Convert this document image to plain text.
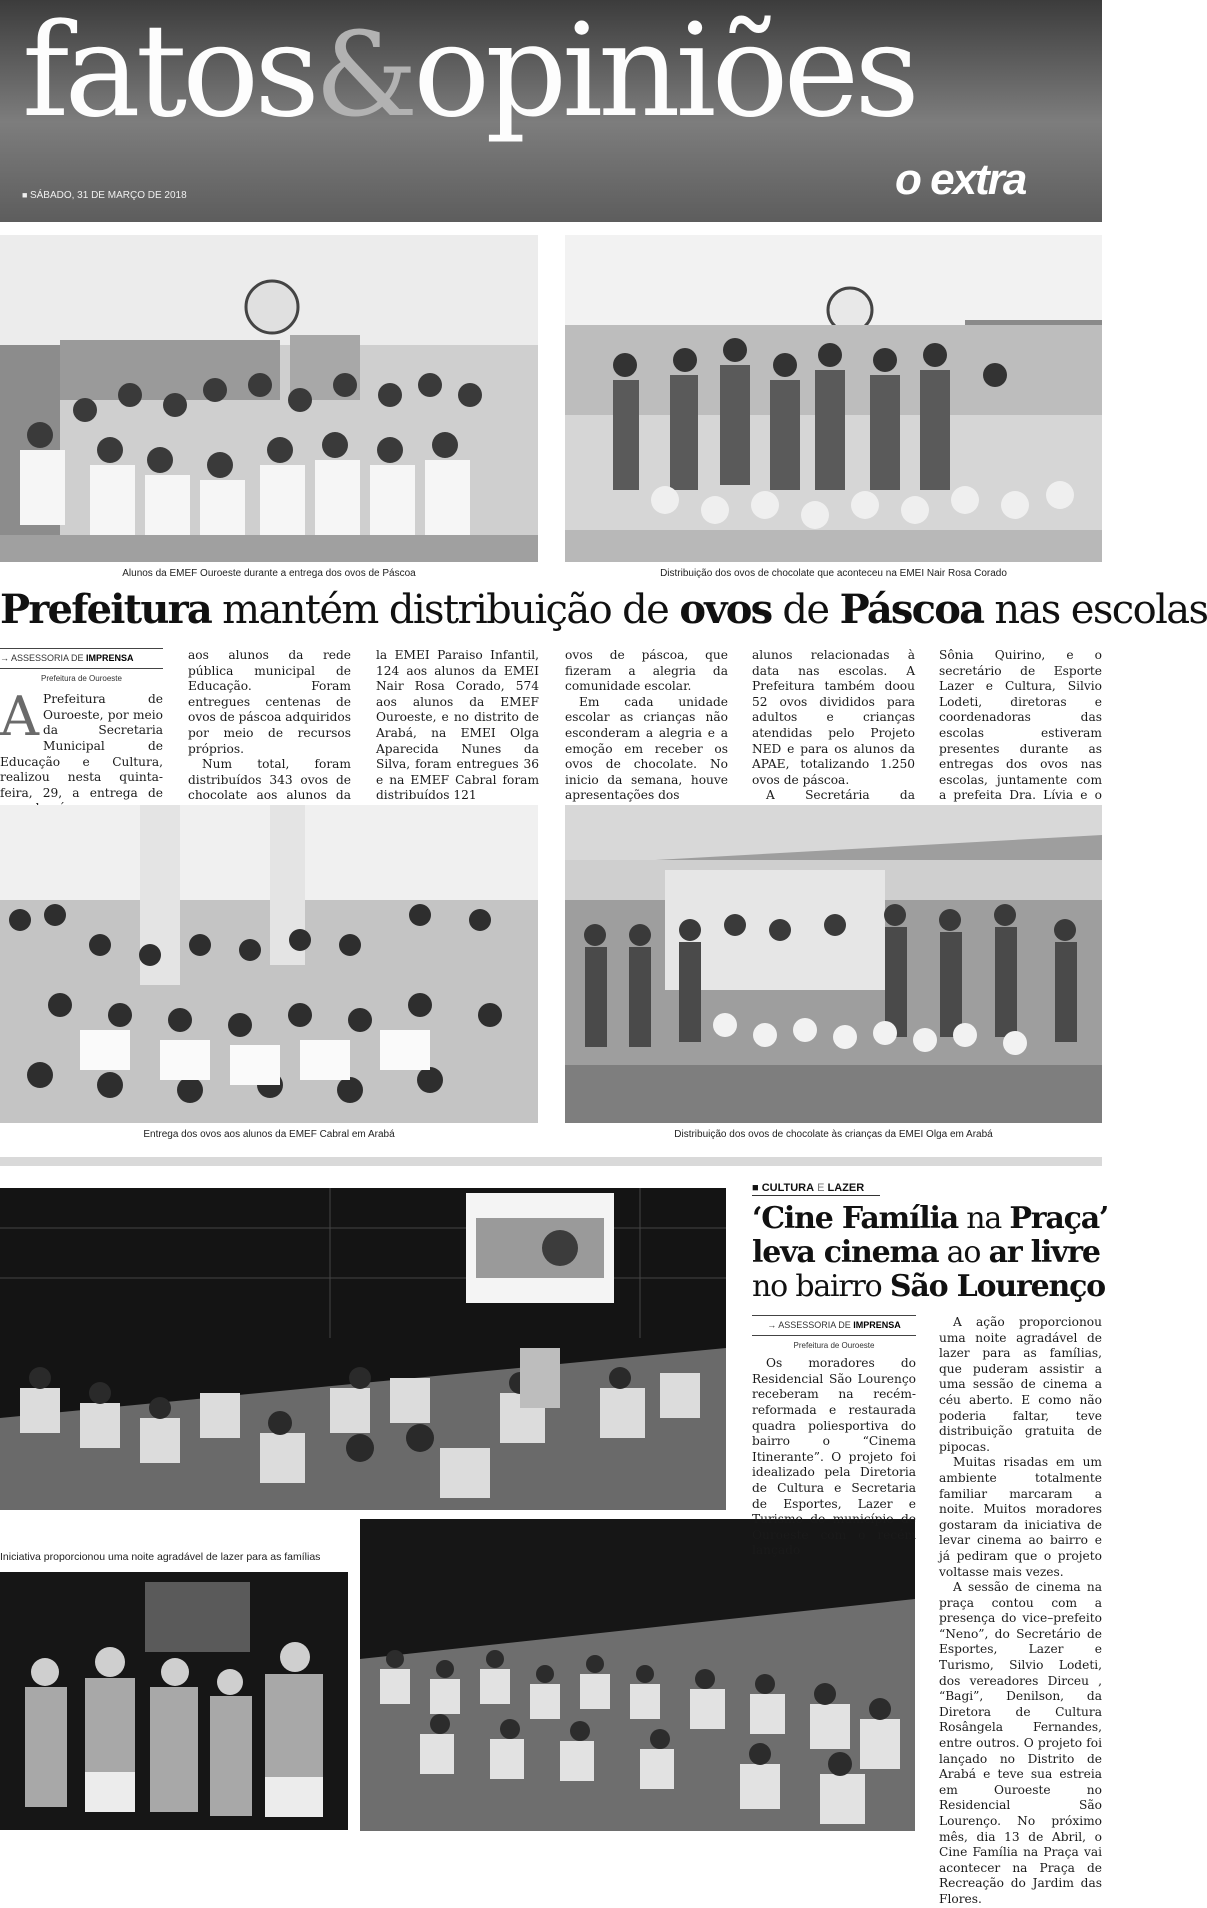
fatos&opiniões
■ SÁBADO, 31 DE MARÇO DE 2018	o extra
Alunos da EMEF Ouroeste durante a entrega dos ovos de Páscoa	Distribuição dos ovos de chocolate que aconteceu na EMEI Nair Rosa Corado
Prefeitura mantém distribuição de ovos de Páscoa nas escolas
→ ASSESSORIA DE IMPRENSA
Prefeitura de Ouroeste

A Prefeitura de Ouroeste, por meio da Secretaria Municipal de Educação e Cultura, realizou nesta quinta-feira, 29, a entrega de

aos alunos da rede pública municipal de Educação. Foram entregues centenas de ovos de páscoa adquiridos por meio de recursos próprios.

Num total, foram distribuídos 343 ovos de chocolate aos alunos da

la EMEI Paraiso Infantil, 124 aos alunos da EMEI Nair Rosa Corado, 574 aos alunos da EMEF Ouroeste, e no distrito de Arabá, na EMEI Olga Aparecida Nunes da Silva, foram entregues 36 e na EMEF Cabral foram distribuídos 121

ovos de páscoa, que fizeram a alegria da comunidade escolar.

Em cada unidade escolar as crianças não esconderam a alegria e a emoção em receber os ovos de chocolate. No inicio da semana, houve apresentações dos

alunos relacionadas à data nas escolas. A Prefeitura também doou 52 ovos divididos para adultos e crianças atendidas pelo Projeto NED e para os alunos da APAE, totalizando 1.250 ovos de páscoa.

A Secretária da

Sônia Quirino, e o secretário de Esporte Lazer e Cultura, Silvio Lodeti, diretoras e coordenadoras das escolas estiveram presentes durante as entregas dos ovos nas escolas, juntamente com a prefeita Dra. Lívia e o

Entrega dos ovos aos alunos da EMEF Cabral em Arabá	Distribuição dos ovos de chocolate às crianças da EMEI Olga em Arabá
Iniciativa proporcionou uma noite agradável de lazer para as famílias
■ CULTURA E LAZER
‘Cine Família na Praça’
leva cinema ao ar livre
no bairro São Lourenço
→ ASSESSORIA DE IMPRENSA
Prefeitura de Ouroeste

Os moradores do Residencial São Lourenço receberam na recém-reformada e restaurada quadra poliesportiva do bairro o “Cinema Itinerante”. O projeto foi idealizado pela Diretoria de Cultura e Secretaria de Esportes, Lazer e Turismo do município de Ouroeste com o recém lançado

A ação proporcionou uma noite agradável de lazer para as famílias, que puderam assistir a uma sessão de cinema a céu aberto. E como não poderia faltar, teve distribuição gratuita de pipocas.

Muitas risadas em um ambiente totalmente familiar marcaram a noite. Muitos moradores gostaram da iniciativa de levar cinema ao bairro e já pediram que o projeto voltasse mais vezes.

A sessão de cinema na praça contou com a presença do vice–prefeito “Neno”, do Secretário de Esportes, Lazer e Turismo, Silvio Lodeti, dos vereadores Dirceu , “Bagi”, Denilson, da Diretora de Cultura Rosângela Fernandes, entre outros. O projeto foi lançado no Distrito de Arabá e teve sua estreia em Ouroeste no Residencial São Lourenço. No próximo mês, dia 13 de Abril, o Cine Família na Praça vai acontecer na Praça de Recreação do Jardim das Flores.
